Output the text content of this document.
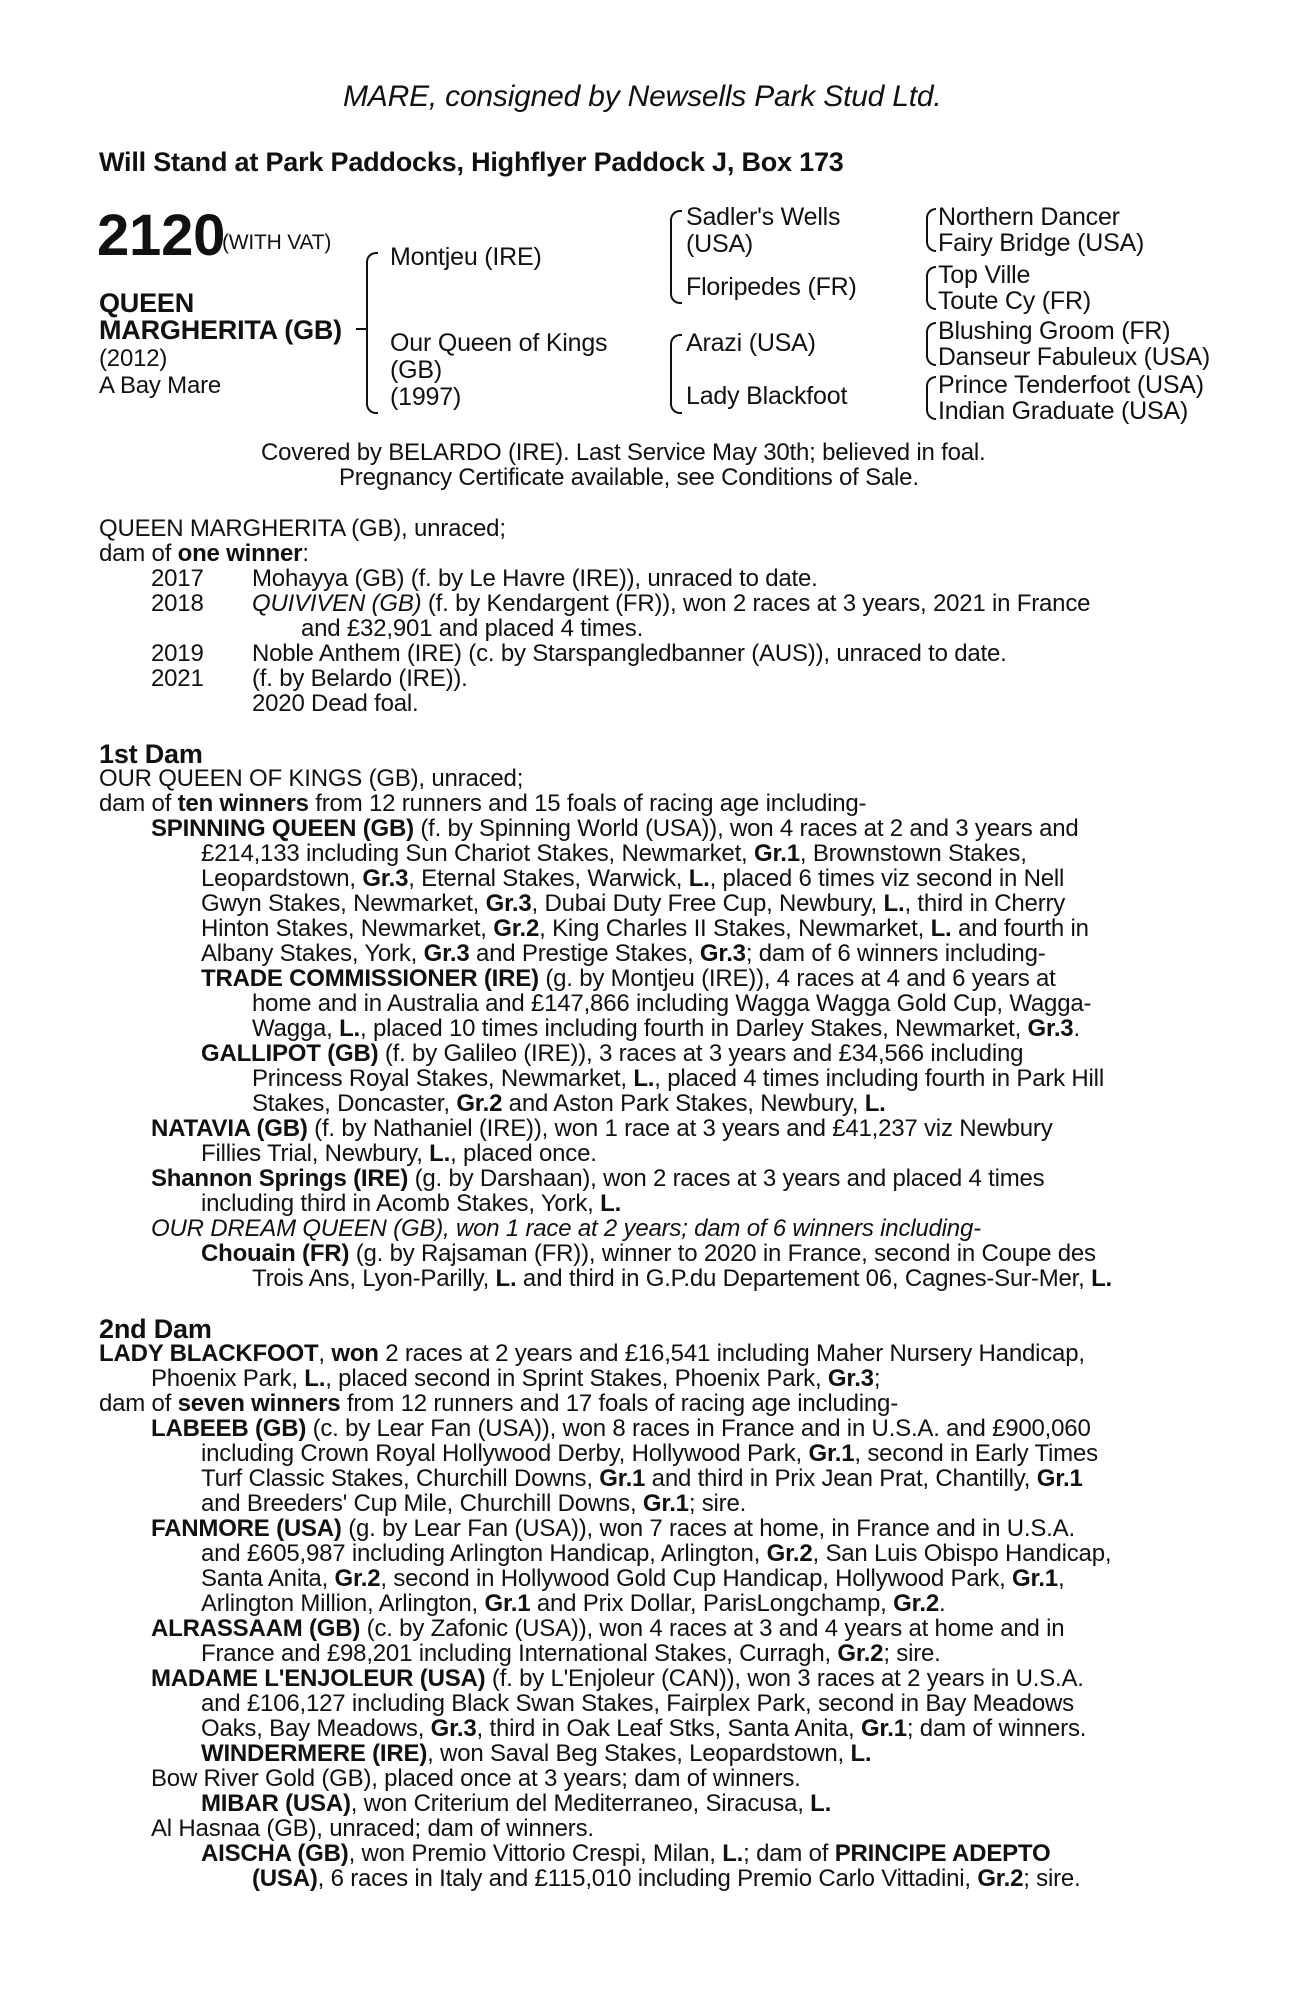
MARE, consigned by Newsells Park Stud Ltd.
Will Stand at Park Paddocks, Highflyer Paddock J, Box 173
2120
(WITH VAT)
QUEEN
MARGHERITA (GB)
(2012)
A Bay Mare
Montjeu (IRE)
Our Queen of Kings
(GB)
(1997)
Sadler's Wells
(USA)
Floripedes (FR)
Arazi (USA)
Lady Blackfoot
Northern Dancer
Fairy Bridge (USA)
Top Ville
Toute Cy (FR)
Blushing Groom (FR)
Danseur Fabuleux (USA)
Prince Tenderfoot (USA)
Indian Graduate (USA)
Covered by BELARDO (IRE). Last Service May 30th; believed in foal.
Pregnancy Certificate available, see Conditions of Sale.
QUEEN MARGHERITA (GB), unraced;
dam of one winner:
2017 Mohayya (GB) (f. by Le Havre (IRE)), unraced to date.
2018 QUIVIVEN (GB) (f. by Kendargent (FR)), won 2 races at 3 years, 2021 in France
and £32,901 and placed 4 times.
2019 Noble Anthem (IRE) (c. by Starspangledbanner (AUS)), unraced to date.
2021 (f. by Belardo (IRE)).
2020 Dead foal.
1st Dam
OUR QUEEN OF KINGS (GB), unraced;
dam of ten winners from 12 runners and 15 foals of racing age including-
SPINNING QUEEN (GB) (f. by Spinning World (USA)), won 4 races at 2 and 3 years and
£214,133 including Sun Chariot Stakes, Newmarket, Gr.1, Brownstown Stakes,
Leopardstown, Gr.3, Eternal Stakes, Warwick, L., placed 6 times viz second in Nell
Gwyn Stakes, Newmarket, Gr.3, Dubai Duty Free Cup, Newbury, L., third in Cherry
Hinton Stakes, Newmarket, Gr.2, King Charles II Stakes, Newmarket, L. and fourth in
Albany Stakes, York, Gr.3 and Prestige Stakes, Gr.3; dam of 6 winners including-
TRADE COMMISSIONER (IRE) (g. by Montjeu (IRE)), 4 races at 4 and 6 years at
home and in Australia and £147,866 including Wagga Wagga Gold Cup, Wagga-
Wagga, L., placed 10 times including fourth in Darley Stakes, Newmarket, Gr.3.
GALLIPOT (GB) (f. by Galileo (IRE)), 3 races at 3 years and £34,566 including
Princess Royal Stakes, Newmarket, L., placed 4 times including fourth in Park Hill
Stakes, Doncaster, Gr.2 and Aston Park Stakes, Newbury, L.
NATAVIA (GB) (f. by Nathaniel (IRE)), won 1 race at 3 years and £41,237 viz Newbury
Fillies Trial, Newbury, L., placed once.
Shannon Springs (IRE) (g. by Darshaan), won 2 races at 3 years and placed 4 times
including third in Acomb Stakes, York, L.
OUR DREAM QUEEN (GB), won 1 race at 2 years; dam of 6 winners including-
Chouain (FR) (g. by Rajsaman (FR)), winner to 2020 in France, second in Coupe des
Trois Ans, Lyon-Parilly, L. and third in G.P.du Departement 06, Cagnes-Sur-Mer, L.
2nd Dam
LADY BLACKFOOT, won 2 races at 2 years and £16,541 including Maher Nursery Handicap,
Phoenix Park, L., placed second in Sprint Stakes, Phoenix Park, Gr.3;
dam of seven winners from 12 runners and 17 foals of racing age including-
LABEEB (GB) (c. by Lear Fan (USA)), won 8 races in France and in U.S.A. and £900,060
including Crown Royal Hollywood Derby, Hollywood Park, Gr.1, second in Early Times
Turf Classic Stakes, Churchill Downs, Gr.1 and third in Prix Jean Prat, Chantilly, Gr.1
and Breeders' Cup Mile, Churchill Downs, Gr.1; sire.
FANMORE (USA) (g. by Lear Fan (USA)), won 7 races at home, in France and in U.S.A.
and £605,987 including Arlington Handicap, Arlington, Gr.2, San Luis Obispo Handicap,
Santa Anita, Gr.2, second in Hollywood Gold Cup Handicap, Hollywood Park, Gr.1,
Arlington Million, Arlington, Gr.1 and Prix Dollar, ParisLongchamp, Gr.2.
ALRASSAAM (GB) (c. by Zafonic (USA)), won 4 races at 3 and 4 years at home and in
France and £98,201 including International Stakes, Curragh, Gr.2; sire.
MADAME L'ENJOLEUR (USA) (f. by L'Enjoleur (CAN)), won 3 races at 2 years in U.S.A.
and £106,127 including Black Swan Stakes, Fairplex Park, second in Bay Meadows
Oaks, Bay Meadows, Gr.3, third in Oak Leaf Stks, Santa Anita, Gr.1; dam of winners.
WINDERMERE (IRE), won Saval Beg Stakes, Leopardstown, L.
Bow River Gold (GB), placed once at 3 years; dam of winners.
MIBAR (USA), won Criterium del Mediterraneo, Siracusa, L.
Al Hasnaa (GB), unraced; dam of winners.
AISCHA (GB), won Premio Vittorio Crespi, Milan, L.; dam of PRINCIPE ADEPTO
(USA), 6 races in Italy and £115,010 including Premio Carlo Vittadini, Gr.2; sire.
